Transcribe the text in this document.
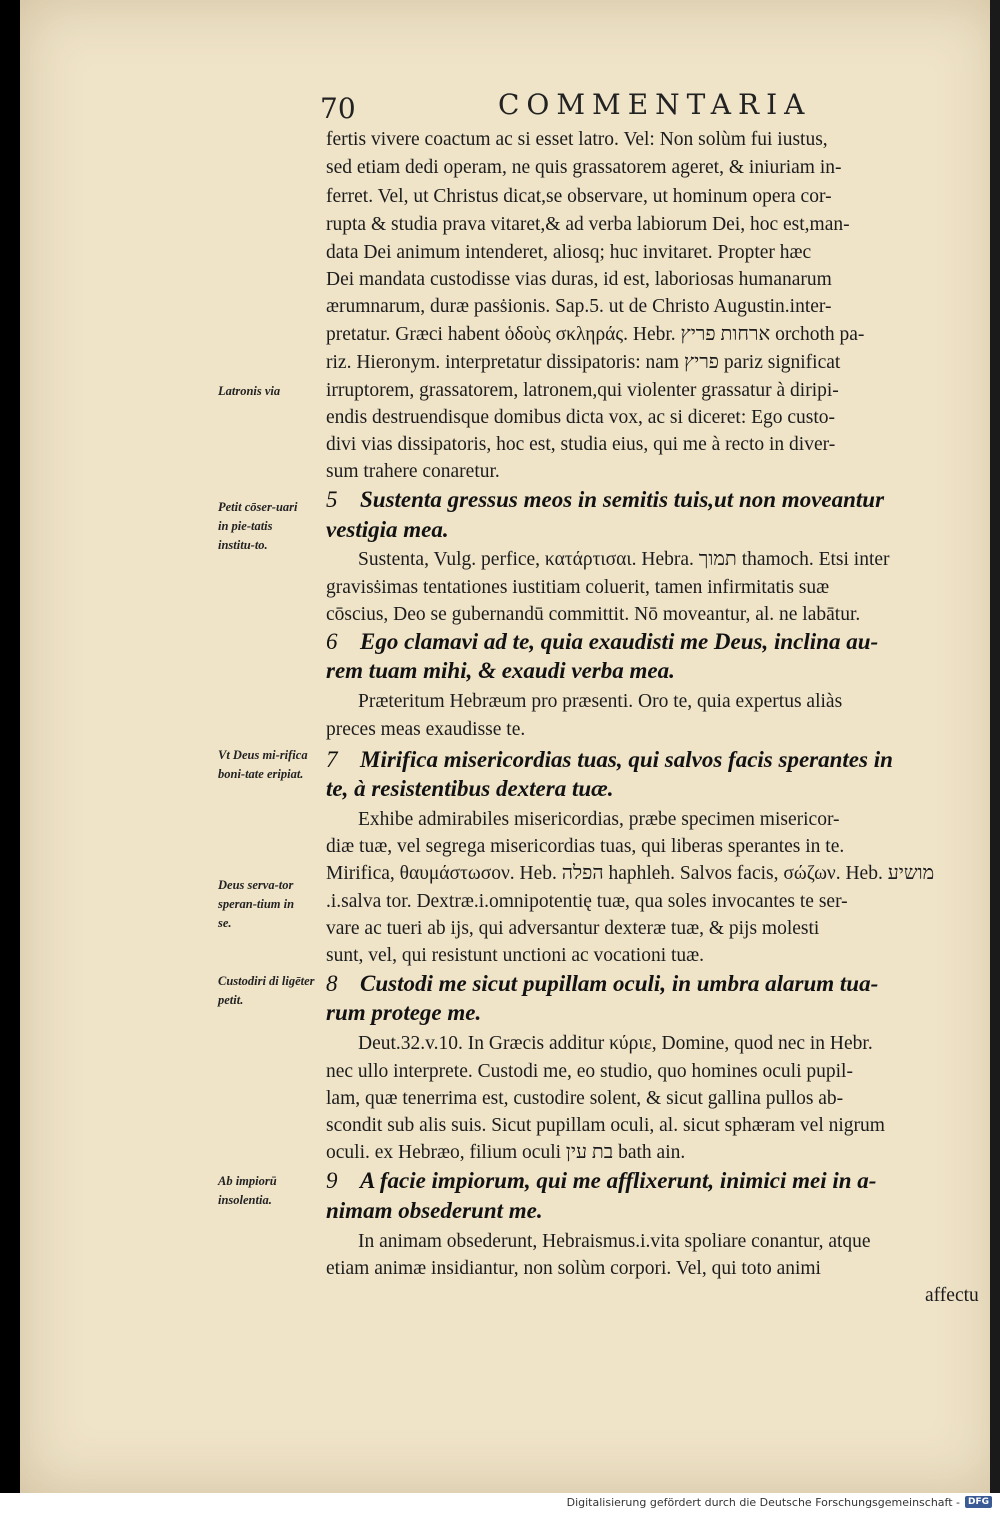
70	COMMENTARIA

fertis vivere coactum ac si esset latro. Vel: Non solùm fui iustus,

sed etiam dedi operam, ne quis grassatorem ageret, & iniuriam in-

ferret. Vel, ut Christus dicat,se observare, ut hominum opera cor-

rupta & studia prava vitaret,& ad verba labiorum Dei, hoc est,man-

data Dei animum intenderet, aliosq; huc invitaret. Propter hæc

Dei mandata custodisse vias duras, id est, laboriosas humanarum

ærumnarum, duræ pasṡionis. Sap.5. ut de Christo Augustin.inter-

pretatur. Græci habent ὁδοὺς σκληράς. Hebr. ארחות פריץ orchoth pa-

riz. Hieronym. interpretatur dissipatoris: nam פריץ pariz significat

irruptorem, grassatorem, latronem,qui violenter grassatur à diripi-

endis destruendisque domibus dicta vox, ac si diceret: Ego custo-

divi vias dissipatoris, hoc est, studia eius, qui me à recto in diver-

sum trahere conaretur.

5 Sustenta gressus meos in semitis tuis,ut non moveantur

vestigia mea.

Sustenta, Vulg. perfice, κατάρτισαι. Hebra. תמוך thamoch. Etsi inter

gravisṡimas tentationes iustitiam coluerit, tamen infirmitatis suæ

cōscius, Deo se gubernandū committit. Nō moveantur, al. ne labātur.

6 Ego clamavi ad te, quia exaudisti me Deus, inclina au-

rem tuam mihi, & exaudi verba mea.

Præteritum Hebræum pro præsenti. Oro te, quia expertus aliàs

preces meas exaudisse te.

7 Mirifica misericordias tuas, qui salvos facis sperantes in

te, à resistentibus dextera tuæ.

Exhibe admirabiles misericordias, præbe specimen misericor-

diæ tuæ, vel segrega misericordias tuas, qui liberas sperantes in te.

Mirifica, θαυμάστωσον. Heb. הפלה haphleh. Salvos facis, σώζων. Heb. מושיע

.i.salva tor. Dextræ.i.omnipotentię tuæ, qua soles invocantes te ser-

vare ac tueri ab ijs, qui adversantur dexteræ tuæ, & pijs molesti

sunt, vel, qui resistunt unctioni ac vocationi tuæ.

8 Custodi me sicut pupillam oculi, in umbra alarum tua-

rum protege me.

Deut.32.v.10. In Græcis additur κύριε, Domine, quod nec in Hebr.

nec ullo interprete. Custodi me, eo studio, quo homines oculi pupil-

lam, quæ tenerrima est, custodire solent, & sicut gallina pullos ab-

scondit sub alis suis. Sicut pupillam oculi, al. sicut sphæram vel nigrum

oculi. ex Hebræo, filium oculi בת עין bath ain.

9 A facie impiorum, qui me afflixerunt, inimici mei in a-

nimam obsederunt me.

In animam obsederunt, Hebraismus.i.vita spoliare conantur, atque

etiam animæ insidiantur, non solùm corpori. Vel, qui toto animi

affectu

Latronis via
Petit cōser-uari in pie-tatis institu-to.
Vt Deus mi-rifica boni-tate eripiat.
Deus serva-tor speran-tium in se.
Custodiri di ligēter petit.
Ab impiorū insolentia.
Digitalisierung gefördert durch die Deutsche Forschungsgemeinschaft - DFG
